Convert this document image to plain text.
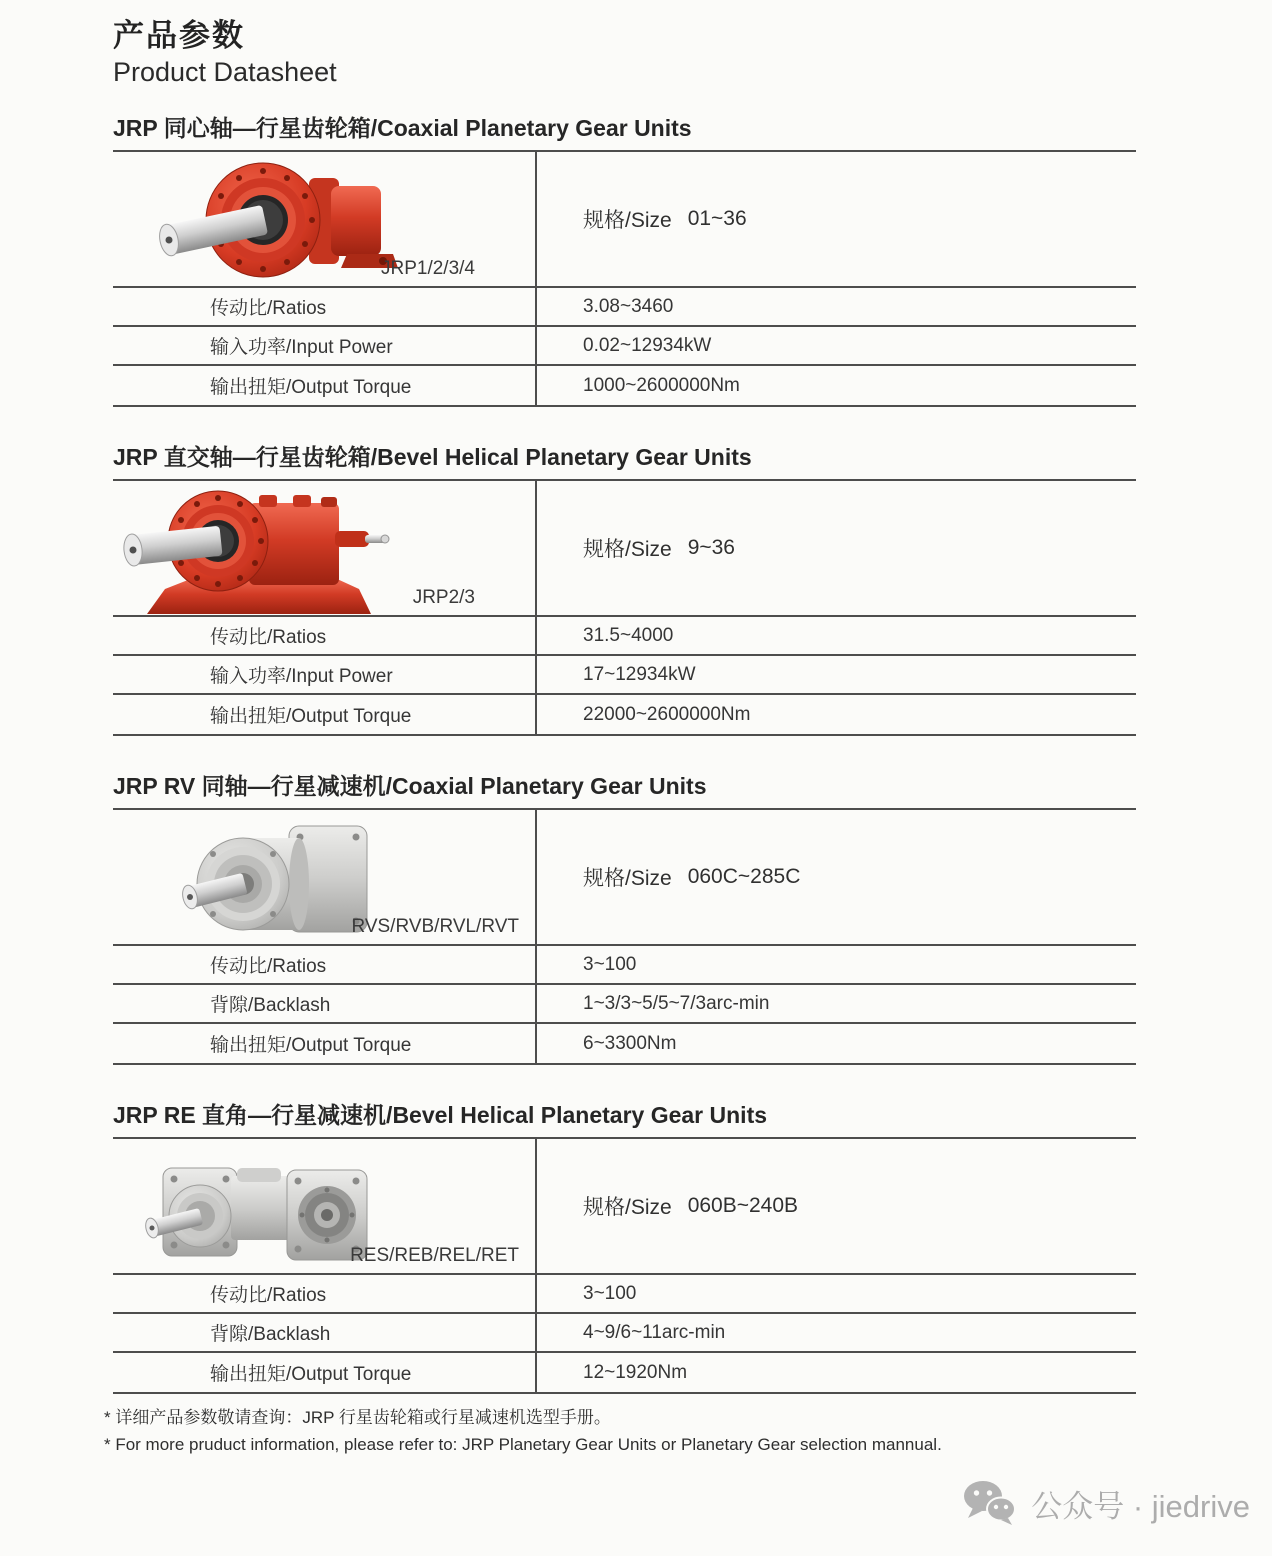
产品参数
Product Datasheet
JRP 同心轴—行星齿轮箱/Coaxial Planetary Gear Units
JRP1/2/3/4
规格/Size 01~36
传动比/Ratios	3.08~3460
输入功率/Input Power	0.02~12934kW
输出扭矩/Output Torque	1000~2600000Nm
JRP 直交轴—行星齿轮箱/Bevel Helical Planetary Gear Units
JRP2/3
规格/Size 9~36
传动比/Ratios	31.5~4000
输入功率/Input Power	17~12934kW
输出扭矩/Output Torque	22000~2600000Nm
JRP RV 同轴—行星减速机/Coaxial Planetary Gear Units
RVS/RVB/RVL/RVT
规格/Size 060C~285C
传动比/Ratios	3~100
背隙/Backlash	1~3/3~5/5~7/3arc-min
输出扭矩/Output Torque	6~3300Nm
JRP RE 直角—行星减速机/Bevel Helical Planetary Gear Units
RES/REB/REL/RET
规格/Size 060B~240B
传动比/Ratios	3~100
背隙/Backlash	4~9/6~11arc-min
输出扭矩/Output Torque	12~1920Nm
* 详细产品参数敬请查询：JRP 行星齿轮箱或行星减速机选型手册。
* For more pruduct information, please refer to: JRP Planetary Gear Units or Planetary Gear selection mannual.
公众号 · jiedrive
